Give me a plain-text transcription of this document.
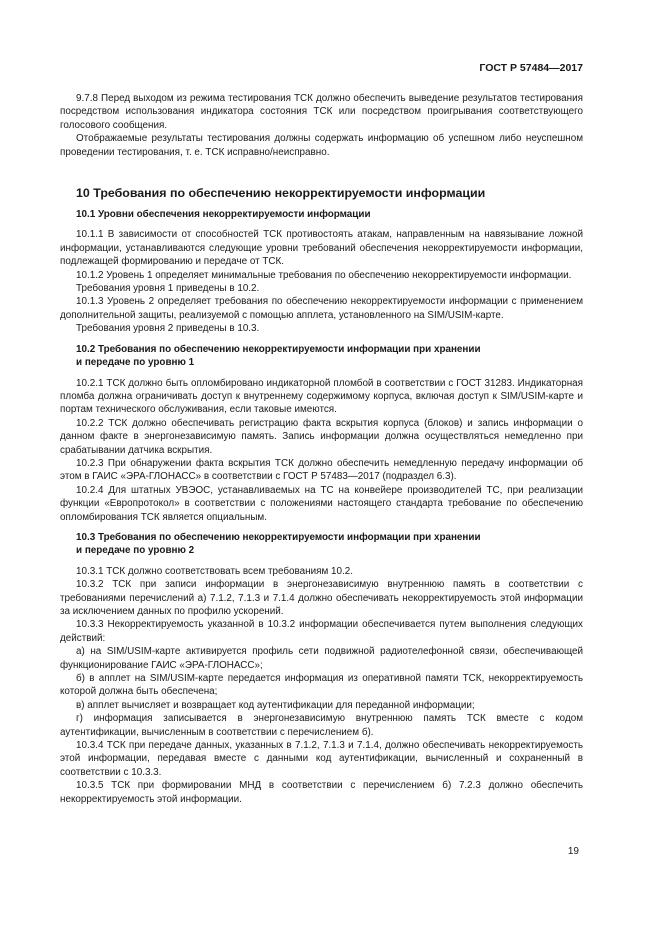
ГОСТ Р 57484—2017

9.7.8 Перед выходом из режима тестирования ТСК должно обеспечить выведение результатов тестирования посредством использования индикатора состояния ТСК или посредством проигрывания соответствующего голосового сообщения.

Отображаемые результаты тестирования должны содержать информацию об успешном либо неуспешном проведении тестирования, т. е. ТСК исправно/неисправно.

10 Требования по обеспечению некорректируемости информации

10.1 Уровни обеспечения некорректируемости информации

10.1.1 В зависимости от способностей ТСК противостоять атакам, направленным на навязывание ложной информации, устанавливаются следующие уровни требований обеспечения некорректируемости информации, подлежащей формированию и передаче от ТСК.

10.1.2 Уровень 1 определяет минимальные требования по обеспечению некорректируемости информации.

Требования уровня 1 приведены в 10.2.

10.1.3 Уровень 2 определяет требования по обеспечению некорректируемости информации с применением дополнительной защиты, реализуемой с помощью апплета, установленного на SIM/USIM-карте.

Требования уровня 2 приведены в 10.3.

10.2 Требования по обеспечению некорректируемости информации при хранении
и передаче по уровню 1

10.2.1 ТСК должно быть опломбировано индикаторной пломбой в соответствии с ГОСТ 31283. Индикаторная пломба должна ограничивать доступ к внутреннему содержимому корпуса, включая доступ к SIM/USIM-карте и портам технического обслуживания, если таковые имеются.

10.2.2 ТСК должно обеспечивать регистрацию факта вскрытия корпуса (блоков) и запись информации о данном факте в энергонезависимую память. Запись информации должна осуществляться немедленно при срабатывании датчика вскрытия.

10.2.3 При обнаружении факта вскрытия ТСК должно обеспечить немедленную передачу информации об этом в ГАИС «ЭРА-ГЛОНАСС» в соответствии с ГОСТ Р 57483—2017 (подраздел 6.3).

10.2.4 Для штатных УВЭОС, устанавливаемых на ТС на конвейере производителей ТС, при реализации функции «Европротокол» в соответствии с положениями настоящего стандарта требование по обеспечению опломбирования ТСК является опциальным.

10.3 Требования по обеспечению некорректируемости информации при хранении
и передаче по уровню 2

10.3.1 ТСК должно соответствовать всем требованиям 10.2.

10.3.2 ТСК при записи информации в энергонезависимую внутреннюю память в соответствии с требованиями перечислений а) 7.1.2, 7.1.3 и 7.1.4 должно обеспечивать некорректируемость этой информации за исключением данных по профилю ускорений.

10.3.3 Некорректируемость указанной в 10.3.2 информации обеспечивается путем выполнения следующих действий:

а) на SIM/USIM-карте активируется профиль сети подвижной радиотелефонной связи, обеспечивающей функционирование ГАИС «ЭРА-ГЛОНАСС»;

б) в апплет на SIM/USIM-карте передается информация из оперативной памяти ТСК, некорректируемость которой должна быть обеспечена;

в) апплет вычисляет и возвращает код аутентификации для переданной информации;

г) информация записывается в энергонезависимую внутреннюю память ТСК вместе с кодом аутентификации, вычисленным в соответствии с перечислением б).

10.3.4 ТСК при передаче данных, указанных в 7.1.2, 7.1.3 и 7.1.4, должно обеспечивать некорректируемость этой информации, передавая вместе с данными код аутентификации, вычисленный и сохраненный в соответствии с 10.3.3.

10.3.5 ТСК при формировании МНД в соответствии с перечислением б) 7.2.3 должно обеспечить некорректируемость этой информации.

19
